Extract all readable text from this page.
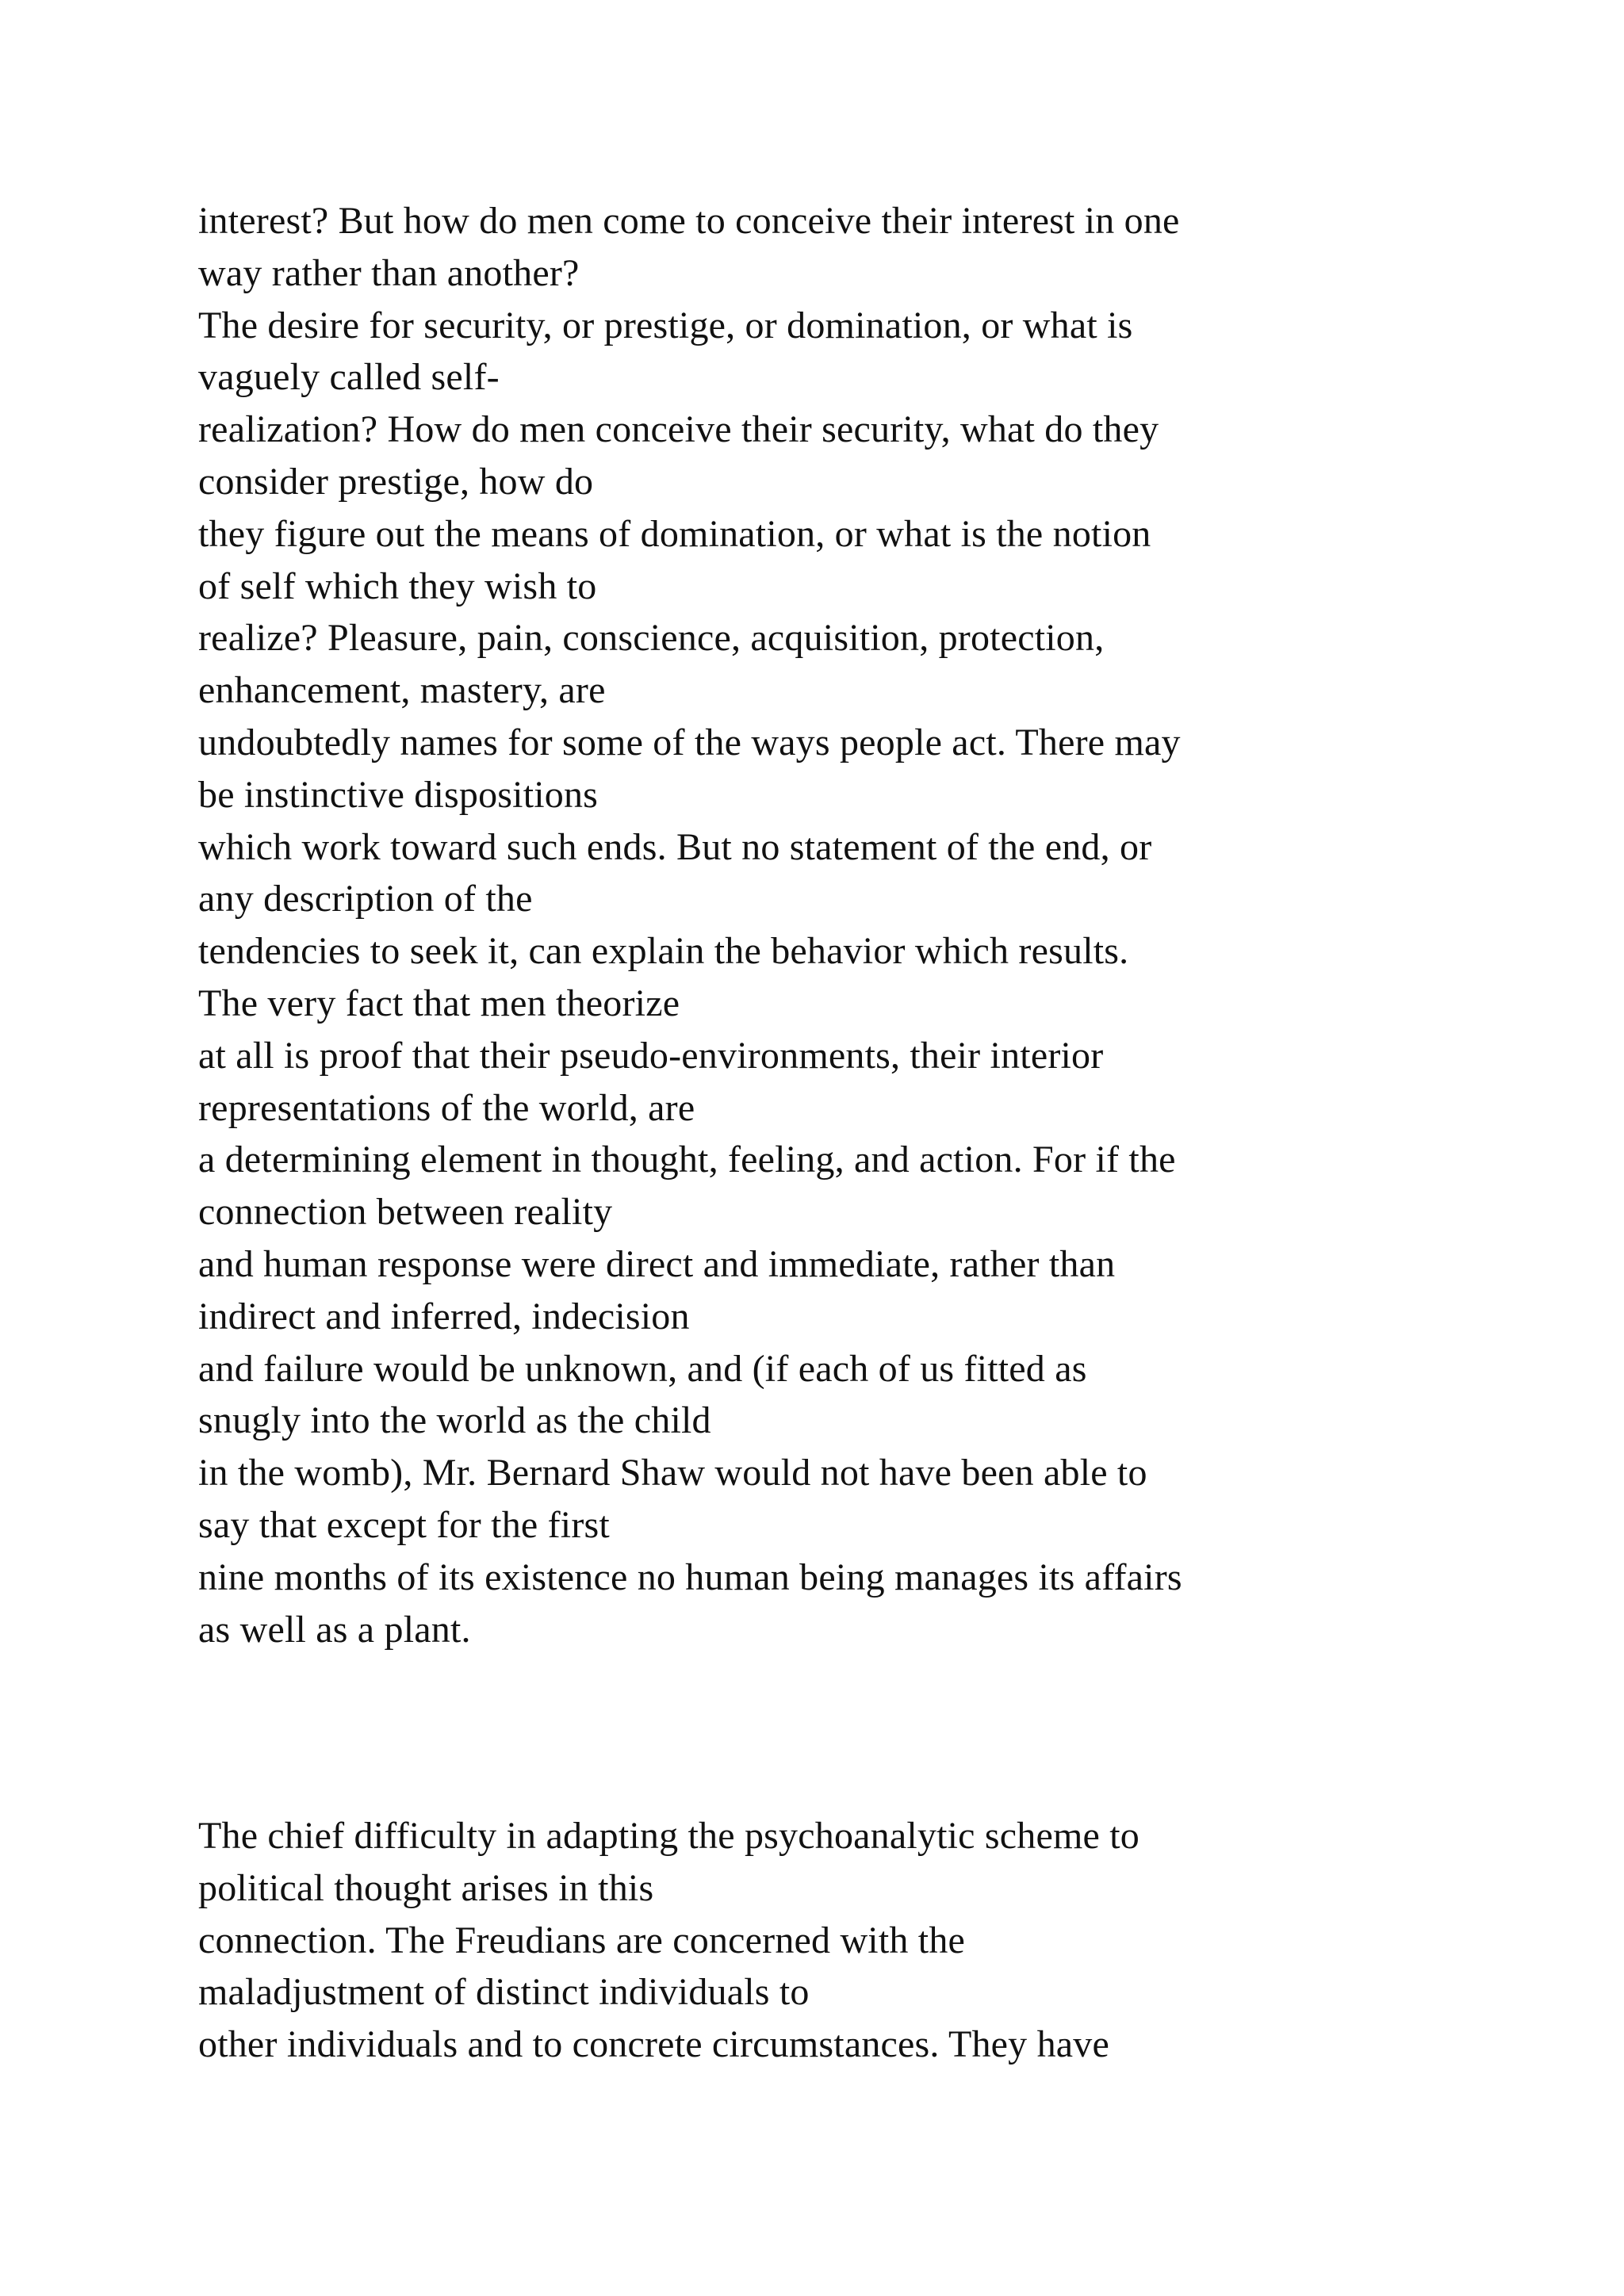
interest? But how do men come to conceive their interest in one
way rather than another?
The desire for security, or prestige, or domination, or what is
vaguely called self-
realization? How do men conceive their security, what do they
consider prestige, how do
they figure out the means of domination, or what is the notion
of self which they wish to
realize? Pleasure, pain, conscience, acquisition, protection,
enhancement, mastery, are
undoubtedly names for some of the ways people act. There may
be instinctive dispositions
which work toward such ends. But no statement of the end, or
any description of the
tendencies to seek it, can explain the behavior which results.
The very fact that men theorize
at all is proof that their pseudo-environments, their interior
representations of the world, are
a determining element in thought, feeling, and action. For if the
connection between reality
and human response were direct and immediate, rather than
indirect and inferred, indecision
and failure would be unknown, and (if each of us fitted as
snugly into the world as the child
in the womb), Mr. Bernard Shaw would not have been able to
say that except for the first
nine months of its existence no human being manages its affairs
as well as a plant.
The chief difficulty in adapting the psychoanalytic scheme to
political thought arises in this
connection. The Freudians are concerned with the
maladjustment of distinct individuals to
other individuals and to concrete circumstances. They have
